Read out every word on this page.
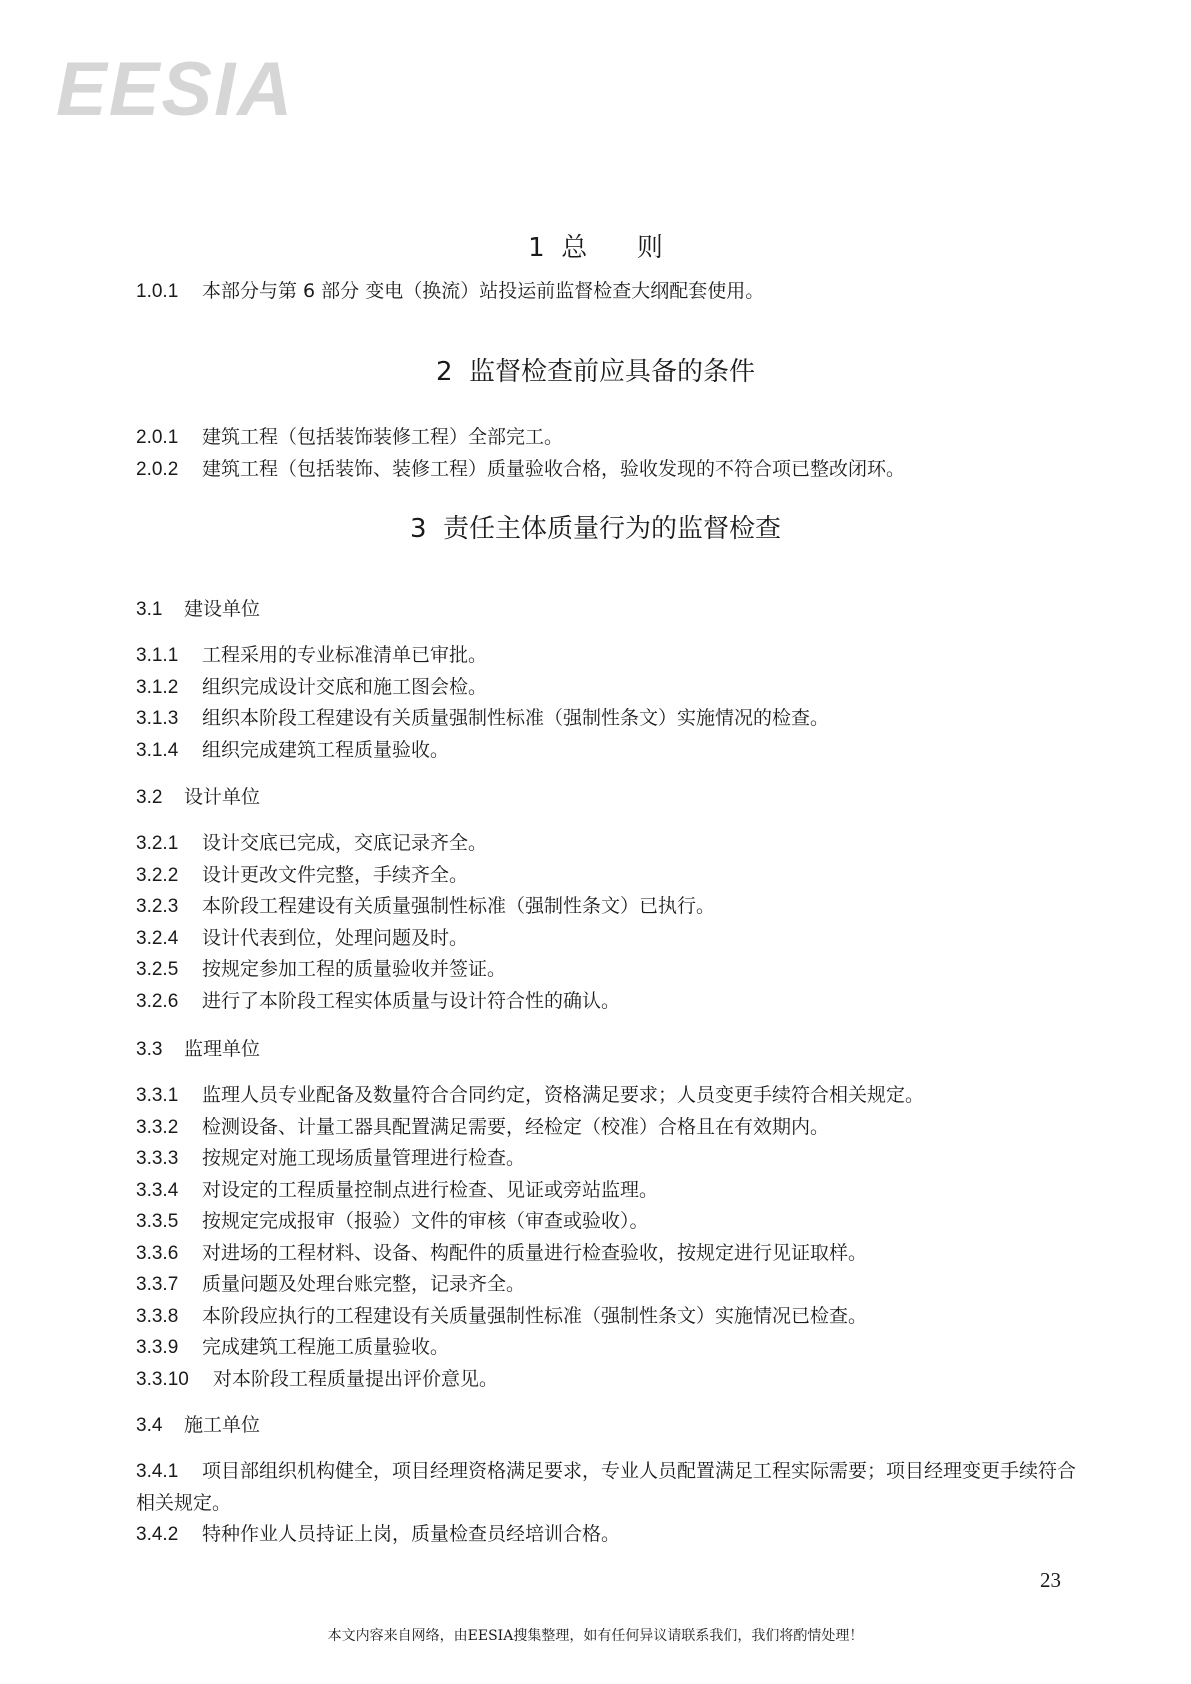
EESIA
1  总      则
1.0.1 本部分与第 6 部分 变电（换流）站投运前监督检查大纲配套使用。
2  监督检查前应具备的条件
2.0.1 建筑工程（包括装饰装修工程）全部完工。
2.0.2 建筑工程（包括装饰、装修工程）质量验收合格，验收发现的不符合项已整改闭环。
3  责任主体质量行为的监督检查
3.1 建设单位
3.1.1 工程采用的专业标准清单已审批。
3.1.2 组织完成设计交底和施工图会检。
3.1.3 组织本阶段工程建设有关质量强制性标准（强制性条文）实施情况的检查。
3.1.4 组织完成建筑工程质量验收。
3.2 设计单位
3.2.1 设计交底已完成，交底记录齐全。
3.2.2 设计更改文件完整，手续齐全。
3.2.3 本阶段工程建设有关质量强制性标准（强制性条文）已执行。
3.2.4 设计代表到位，处理问题及时。
3.2.5 按规定参加工程的质量验收并签证。
3.2.6 进行了本阶段工程实体质量与设计符合性的确认。
3.3 监理单位
3.3.1 监理人员专业配备及数量符合合同约定，资格满足要求；人员变更手续符合相关规定。
3.3.2 检测设备、计量工器具配置满足需要，经检定（校准）合格且在有效期内。
3.3.3 按规定对施工现场质量管理进行检查。
3.3.4 对设定的工程质量控制点进行检查、见证或旁站监理。
3.3.5 按规定完成报审（报验）文件的审核（审查或验收）。
3.3.6 对进场的工程材料、设备、构配件的质量进行检查验收，按规定进行见证取样。
3.3.7 质量问题及处理台账完整，记录齐全。
3.3.8 本阶段应执行的工程建设有关质量强制性标准（强制性条文）实施情况已检查。
3.3.9 完成建筑工程施工质量验收。
3.3.10 对本阶段工程质量提出评价意见。
3.4 施工单位
3.4.1 项目部组织机构健全，项目经理资格满足要求，专业人员配置满足工程实际需要；项目经理变更手续符合相关规定。
3.4.2 特种作业人员持证上岗，质量检查员经培训合格。
23
本文内容来自网络，由EESIA搜集整理，如有任何异议请联系我们，我们将酌情处理！
